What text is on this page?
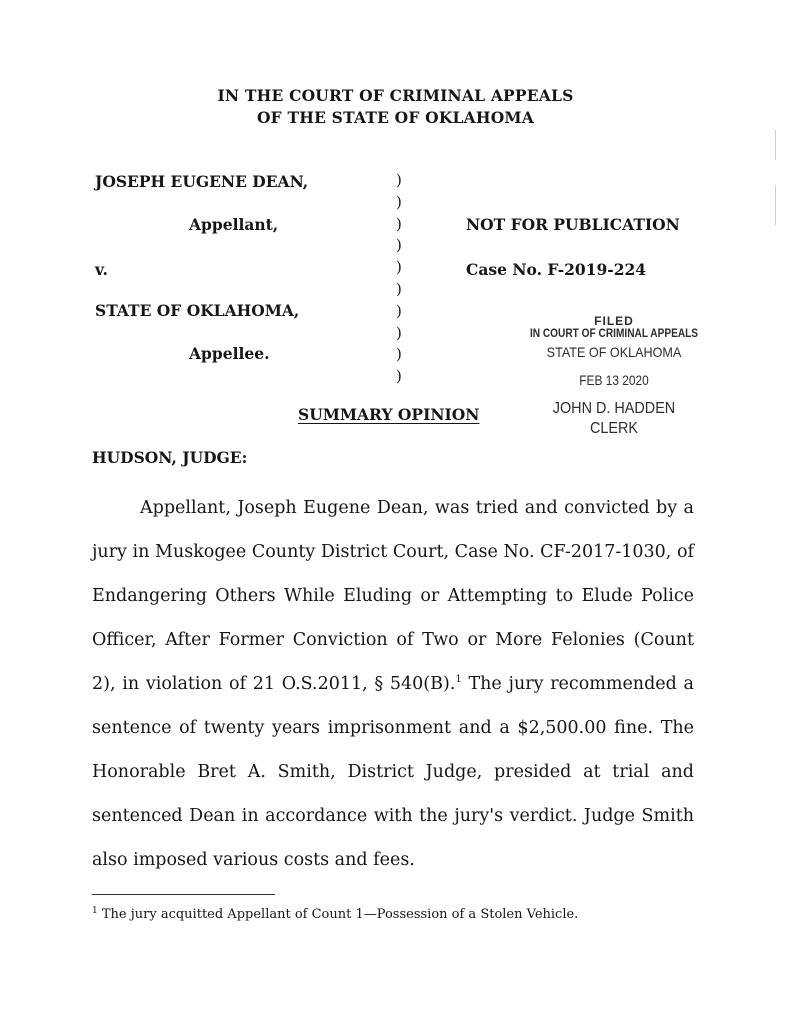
IN THE COURT OF CRIMINAL APPEALS
OF THE STATE OF OKLAHOMA
JOSEPH EUGENE DEAN,
Appellant,
v.
STATE OF OKLAHOMA,
Appellee.
)
)
)
)
)
)
)
)
)
)
NOT FOR PUBLICATION
Case No. F-2019-224
FILED
IN COURT OF CRIMINAL APPEALS
STATE OF OKLAHOMA
FEB 13 2020
JOHN D. HADDEN
CLERK
SUMMARY OPINION
HUDSON, JUDGE:
Appellant, Joseph Eugene Dean, was tried and convicted by a jury in Muskogee County District Court, Case No. CF-2017-1030, of Endangering Others While Eluding or Attempting to Elude Police Officer, After Former Conviction of Two or More Felonies (Count 2), in violation of 21 O.S.2011, § 540(B).$^1$ The jury recommended a sentence of twenty years imprisonment and a $2,500.00 fine. The Honorable Bret A. Smith, District Judge, presided at trial and sentenced Dean in accordance with the jury's verdict. Judge Smith also imposed various costs and fees.
$^1$ The jury acquitted Appellant of Count 1—Possession of a Stolen Vehicle.
